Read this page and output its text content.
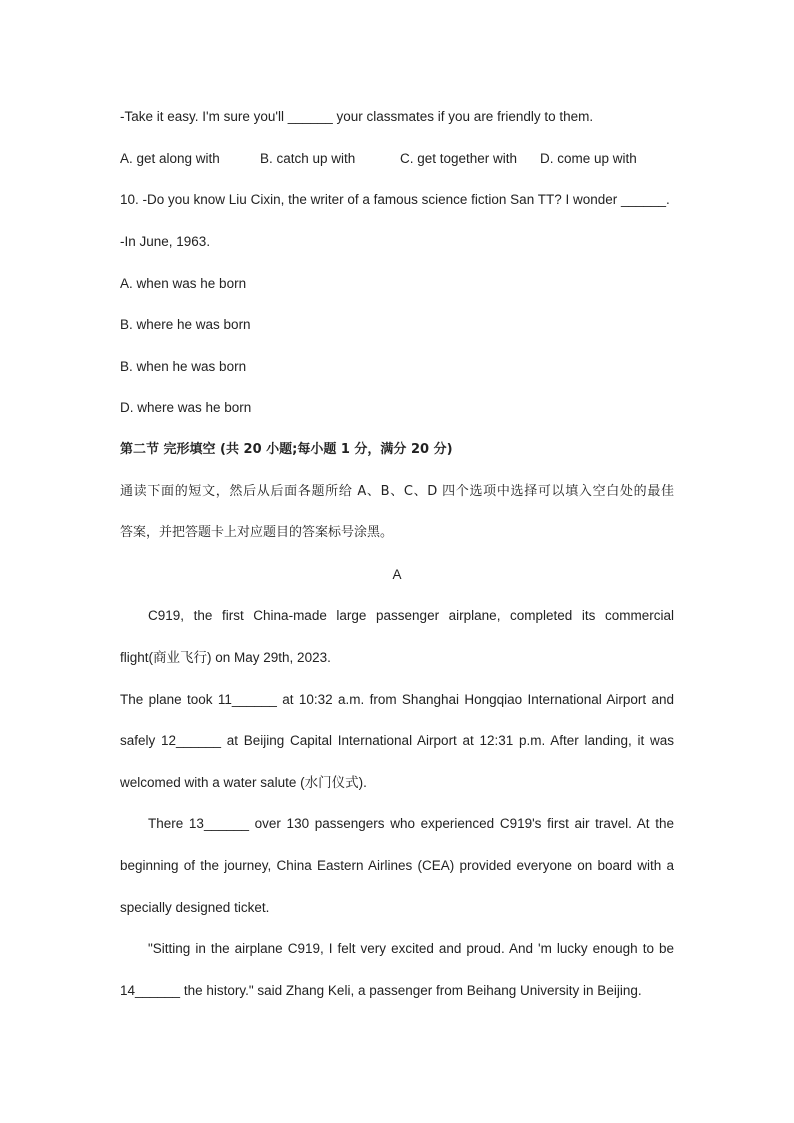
-Take it easy. I'm sure you'll ______ your classmates if you are friendly to them.
A. get along with	B. catch up with	C. get together with D. come up with
10. -Do you know Liu Cixin, the writer of a famous science fiction San TT? I wonder ______.
-In June, 1963.
A. when was he born
B. where he was born
B. when he was born
D. where was he born
第二节 完形填空 (共 20 小题;每小题 1 分，满分 20 分)
通读下面的短文，然后从后面各题所给 A、B、C、D 四个选项中选择可以填入空白处的最佳
答案，并把答题卡上对应题目的答案标号涂黑。
A
C919, the first China-made large passenger airplane, completed its commercial
flight(商业飞行) on May 29th, 2023.
The plane took 11______ at 10:32 a.m. from Shanghai Hongqiao International Airport and
safely 12______ at Beijing Capital International Airport at 12:31 p.m. After landing, it was
welcomed with a water salute (水门仪式).
There 13______ over 130 passengers who experienced C919's first air travel. At the
beginning of the journey, China Eastern Airlines (CEA) provided everyone on board with a
specially designed ticket.
"Sitting in the airplane C919, I felt very excited and proud. And 'm lucky enough to be
14______ the history." said Zhang Keli, a passenger from Beihang University in Beijing.
